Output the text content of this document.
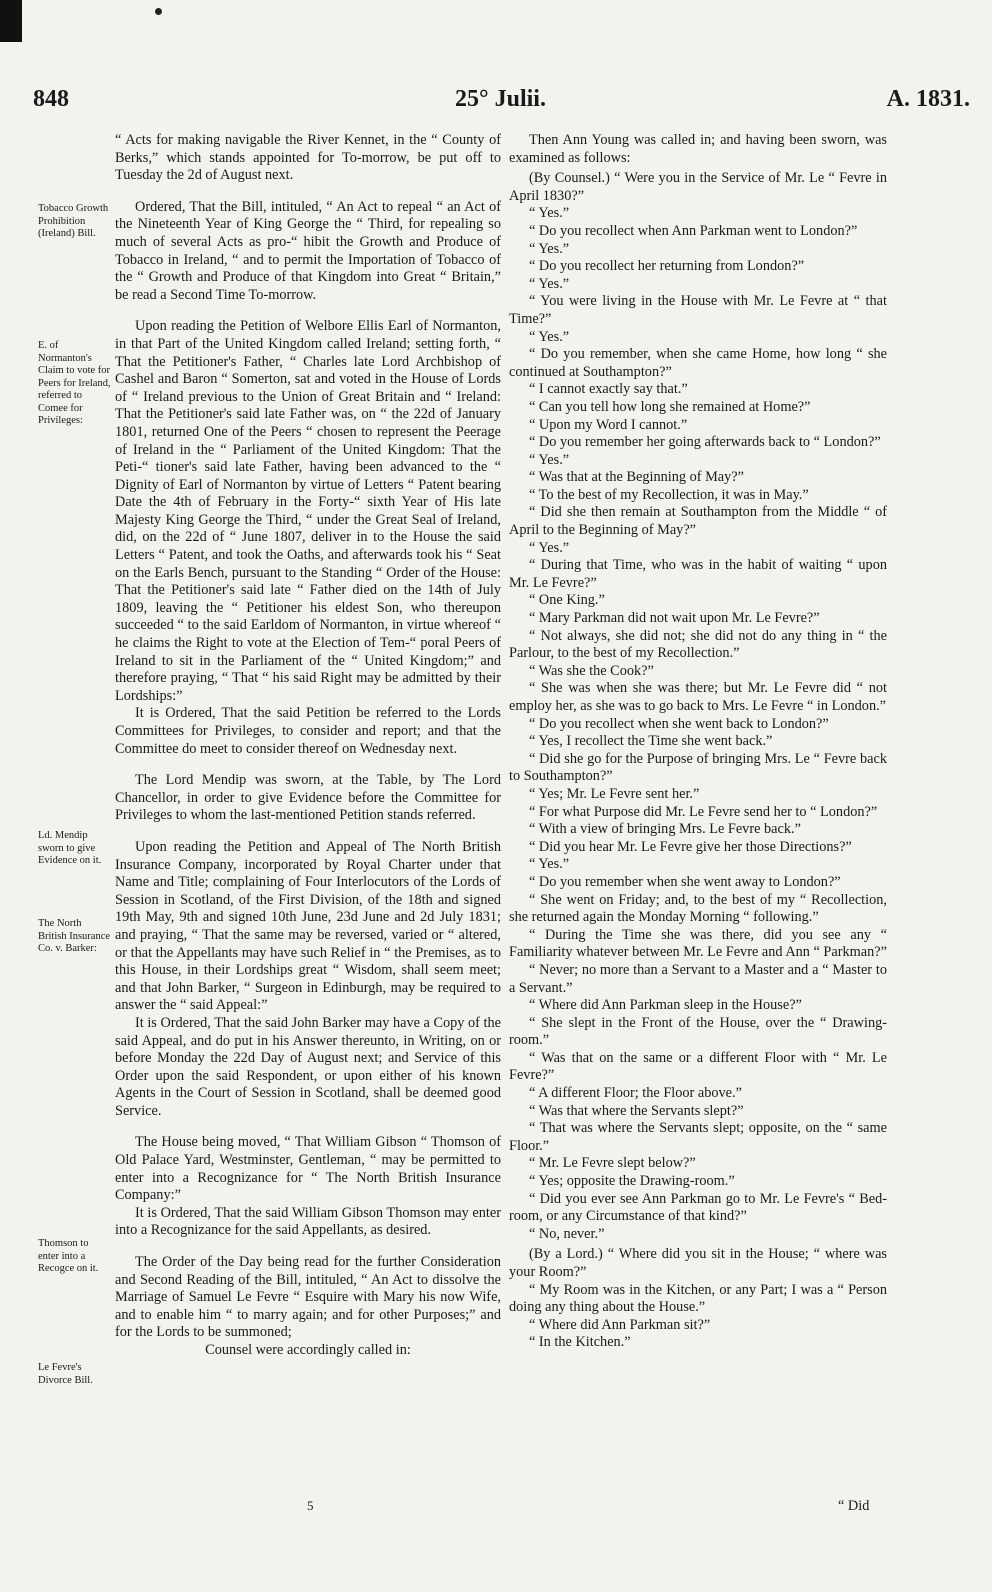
848	25° Julii.	A. 1831.
Tobacco Growth Prohibition (Ireland) Bill.
E. of Normanton's Claim to vote for Peers for Ireland, referred to Comee for Privileges:
Ld. Mendip sworn to give Evidence on it.
The North British Insurance Co. v. Barker:
Thomson to enter into a Recogce on it.
Le Fevre's Divorce Bill.

“ Acts for making navigable the River Kennet, in the “ County of Berks,” which stands appointed for To-morrow, be put off to Tuesday the 2d of August next.

Ordered, That the Bill, intituled, “ An Act to repeal “ an Act of the Nineteenth Year of King George the “ Third, for repealing so much of several Acts as pro-“ hibit the Growth and Produce of Tobacco in Ireland, “ and to permit the Importation of Tobacco of the “ Growth and Produce of that Kingdom into Great “ Britain,” be read a Second Time To-morrow.

Upon reading the Petition of Welbore Ellis Earl of Normanton, in that Part of the United Kingdom called Ireland; setting forth, “ That the Petitioner's Father, “ Charles late Lord Archbishop of Cashel and Baron “ Somerton, sat and voted in the House of Lords of “ Ireland previous to the Union of Great Britain and “ Ireland: That the Petitioner's said late Father was, on “ the 22d of January 1801, returned One of the Peers “ chosen to represent the Peerage of Ireland in the “ Parliament of the United Kingdom: That the Peti-“ tioner's said late Father, having been advanced to the “ Dignity of Earl of Normanton by virtue of Letters “ Patent bearing Date the 4th of February in the Forty-“ sixth Year of His late Majesty King George the Third, “ under the Great Seal of Ireland, did, on the 22d of “ June 1807, deliver in to the House the said Letters “ Patent, and took the Oaths, and afterwards took his “ Seat on the Earls Bench, pursuant to the Standing “ Order of the House: That the Petitioner's said late “ Father died on the 14th of July 1809, leaving the “ Petitioner his eldest Son, who thereupon succeeded “ to the said Earldom of Normanton, in virtue whereof “ he claims the Right to vote at the Election of Tem-“ poral Peers of Ireland to sit in the Parliament of the “ United Kingdom;” and therefore praying, “ That “ his said Right may be admitted by their Lordships:”

It is Ordered, That the said Petition be referred to the Lords Committees for Privileges, to consider and report; and that the Committee do meet to consider thereof on Wednesday next.

The Lord Mendip was sworn, at the Table, by The Lord Chancellor, in order to give Evidence before the Committee for Privileges to whom the last-mentioned Petition stands referred.

Upon reading the Petition and Appeal of The North British Insurance Company, incorporated by Royal Charter under that Name and Title; complaining of Four Interlocutors of the Lords of Session in Scotland, of the First Division, of the 18th and signed 19th May, 9th and signed 10th June, 23d June and 2d July 1831; and praying, “ That the same may be reversed, varied or “ altered, or that the Appellants may have such Relief in “ the Premises, as to this House, in their Lordships great “ Wisdom, shall seem meet; and that John Barker, “ Surgeon in Edinburgh, may be required to answer the “ said Appeal:”

It is Ordered, That the said John Barker may have a Copy of the said Appeal, and do put in his Answer thereunto, in Writing, on or before Monday the 22d Day of August next; and Service of this Order upon the said Respondent, or upon either of his known Agents in the Court of Session in Scotland, shall be deemed good Service.

The House being moved, “ That William Gibson “ Thomson of Old Palace Yard, Westminster, Gentleman, “ may be permitted to enter into a Recognizance for “ The North British Insurance Company:”

It is Ordered, That the said William Gibson Thomson may enter into a Recognizance for the said Appellants, as desired.

The Order of the Day being read for the further Consideration and Second Reading of the Bill, intituled, “ An Act to dissolve the Marriage of Samuel Le Fevre “ Esquire with Mary his now Wife, and to enable him “ to marry again; and for other Purposes;” and for the Lords to be summoned;

Counsel were accordingly called in:

Then Ann Young was called in; and having been sworn, was examined as follows:

(By Counsel.) “ Were you in the Service of Mr. Le “ Fevre in April 1830?”

“ Yes.”

“ Do you recollect when Ann Parkman went to London?”

“ Yes.”

“ Do you recollect her returning from London?”

“ Yes.”

“ You were living in the House with Mr. Le Fevre at “ that Time?”

“ Yes.”

“ Do you remember, when she came Home, how long “ she continued at Southampton?”

“ I cannot exactly say that.”

“ Can you tell how long she remained at Home?”

“ Upon my Word I cannot.”

“ Do you remember her going afterwards back to “ London?”

“ Yes.”

“ Was that at the Beginning of May?”

“ To the best of my Recollection, it was in May.”

“ Did she then remain at Southampton from the Middle “ of April to the Beginning of May?”

“ Yes.”

“ During that Time, who was in the habit of waiting “ upon Mr. Le Fevre?”

“ One King.”

“ Mary Parkman did not wait upon Mr. Le Fevre?”

“ Not always, she did not; she did not do any thing in “ the Parlour, to the best of my Recollection.”

“ Was she the Cook?”

“ She was when she was there; but Mr. Le Fevre did “ not employ her, as she was to go back to Mrs. Le Fevre “ in London.”

“ Do you recollect when she went back to London?”

“ Yes, I recollect the Time she went back.”

“ Did she go for the Purpose of bringing Mrs. Le “ Fevre back to Southampton?”

“ Yes; Mr. Le Fevre sent her.”

“ For what Purpose did Mr. Le Fevre send her to “ London?”

“ With a view of bringing Mrs. Le Fevre back.”

“ Did you hear Mr. Le Fevre give her those Directions?”

“ Yes.”

“ Do you remember when she went away to London?”

“ She went on Friday; and, to the best of my “ Recollection, she returned again the Monday Morning “ following.”

“ During the Time she was there, did you see any “ Familiarity whatever between Mr. Le Fevre and Ann “ Parkman?”

“ Never; no more than a Servant to a Master and a “ Master to a Servant.”

“ Where did Ann Parkman sleep in the House?”

“ She slept in the Front of the House, over the “ Drawing-room.”

“ Was that on the same or a different Floor with “ Mr. Le Fevre?”

“ A different Floor; the Floor above.”

“ Was that where the Servants slept?”

“ That was where the Servants slept; opposite, on the “ same Floor.”

“ Mr. Le Fevre slept below?”

“ Yes; opposite the Drawing-room.”

“ Did you ever see Ann Parkman go to Mr. Le Fevre's “ Bed-room, or any Circumstance of that kind?”

“ No, never.”

(By a Lord.) “ Where did you sit in the House; “ where was your Room?”

“ My Room was in the Kitchen, or any Part; I was a “ Person doing any thing about the House.”

“ Where did Ann Parkman sit?”

“ In the Kitchen.”

5	“ Did
